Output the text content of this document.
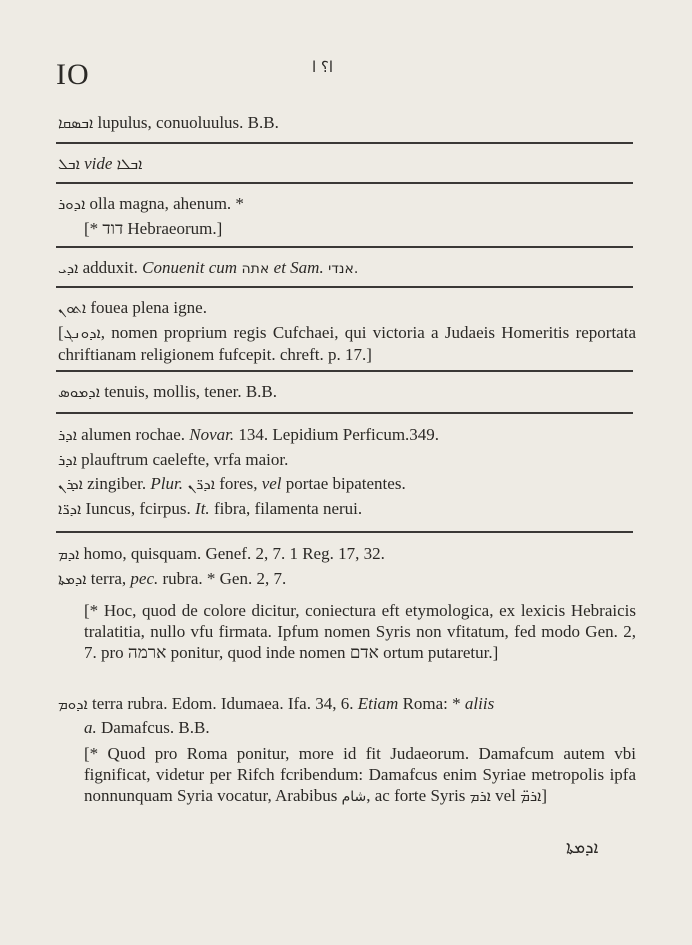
IO	ا؟ ا
ܐܒܣܩܐ lupulus, conuoluulus. B.B.
ܐܒܠ vide ܐܒܠܐ
ܐܕܘܪ olla magna, ahenum. *
[* דוד Hebraeorum.]
ܐܕܝ adduxit. Conuenit cum אתה et Sam. אנדי.
ܐܬܘܢ fouea plena igne.
[ܐܕܘܢܓ, nomen proprium regis Cufchaei, qui victoria a Judaeis Homeritis reportata chriftianam religionem fufcepit. chreft. p. 17.]
ܐܕܡܘܣ tenuis, mollis, tener. B.B.
ܐܕܪ alumen rochae. Novar. 134. Lepidium Perficum.349.
ܐܕܪ plauftrum caelefte, vrfa maior.
ܐܕܪܢ zingiber. Plur. ܐܕܪ̈ܢ fores, vel portae bipatentes.
ܐܕܪ̈ܐ Iuncus, fcirpus. It. fibra, filamenta nerui.
ܐܕܡ homo, quisquam. Genef. 2, 7. 1 Reg. 17, 32.
ܐܕܡܬܐ terra, pec. rubra. * Gen. 2, 7.
[* Hoc, quod de colore dicitur, coniectura eft etymologica, ex lexicis Hebraicis tralatitia, nullo vfu firmata. Ipfum nomen Syris non vfitatum, fed modo Gen. 2, 7. pro ארמה ponitur, quod inde nomen אדם ortum putaretur.]
ܐܕܘܡ terra rubra. Edom. Idumaea. Ifa. 34, 6. Etiam Roma: * aliis
a. Damafcus. B.B.
[* Quod pro Roma ponitur, more id fit Judaeorum. Damafcum autem vbi fignificat, videtur per Rifch fcribendum: Damafcus enim Syriae metropolis ipfa nonnunquam Syria vocatur, Arabibus شام, ac forte Syris ܐܪܡ vel ܐܪܡ̈]
ܐܕܡܬܐ
